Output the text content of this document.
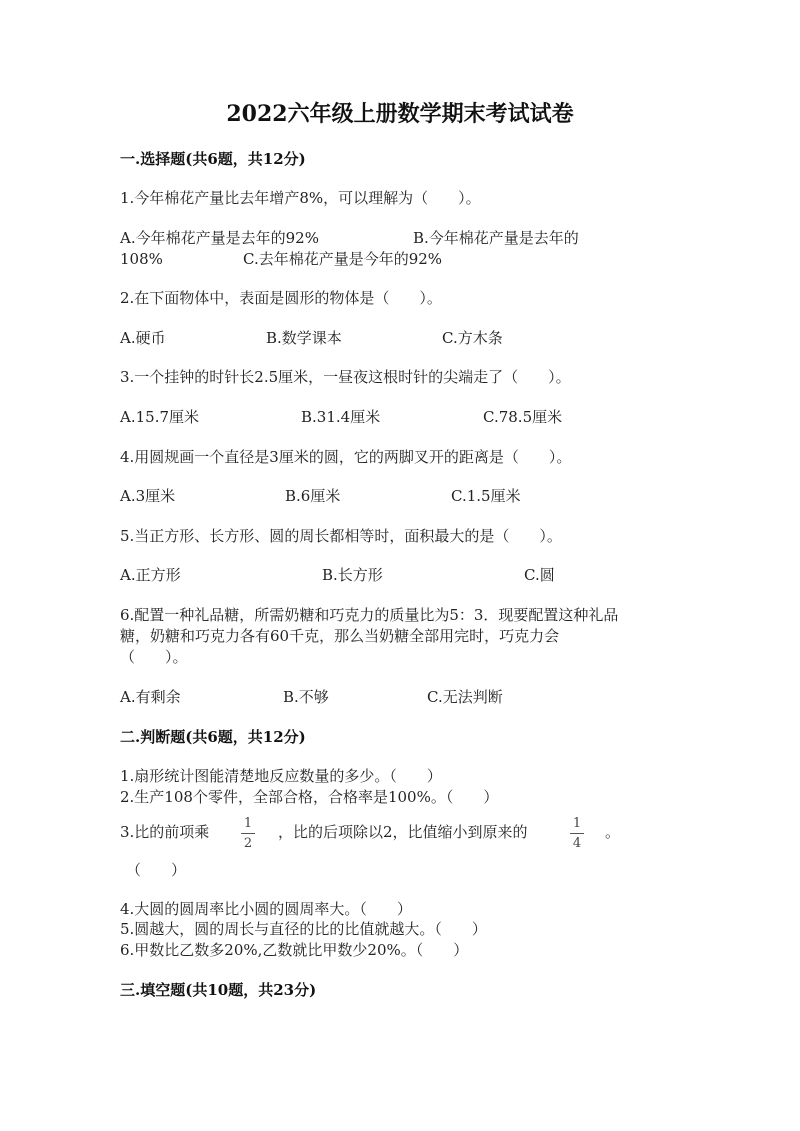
2022六年级上册数学期末考试试卷
一.选择题(共6题，共12分)
1.今年棉花产量比去年增产8%，可以理解为（　　）。
A.今年棉花产量是去年的92%	B.今年棉花产量是去年的
108%	C.去年棉花产量是今年的92%
2.在下面物体中，表面是圆形的物体是（　　）。
A.硬币	B.数学课本	C.方木条
3.一个挂钟的时针长2.5厘米，一昼夜这根时针的尖端走了（　　）。
A.15.7厘米	B.31.4厘米	C.78.5厘米
4.用圆规画一个直径是3厘米的圆，它的两脚叉开的距离是（　　）。
A.3厘米	B.6厘米	C.1.5厘米
5.当正方形、长方形、圆的周长都相等时，面积最大的是（　　）。
A.正方形	B.长方形	C.圆
6.配置一种礼品糖，所需奶糖和巧克力的质量比为5：3．现要配置这种礼品
糖，奶糖和巧克力各有60千克，那么当奶糖全部用完时，巧克力会
（　　）。
A.有剩余	B.不够	C.无法判断
二.判断题(共6题，共12分)
1.扇形统计图能清楚地反应数量的多少。（　　）
2.生产108个零件，全部合格，合格率是100%。（　　）
3.比的前项乘	1
2
，比的后项除以2，比值缩小到原来的	1
4
。
（　　）
4.大圆的圆周率比小圆的圆周率大。（　　）
5.圆越大，圆的周长与直径的比的比值就越大。（　　）
6.甲数比乙数多20%,乙数就比甲数少20%。（　　）
三.填空题(共10题，共23分)
